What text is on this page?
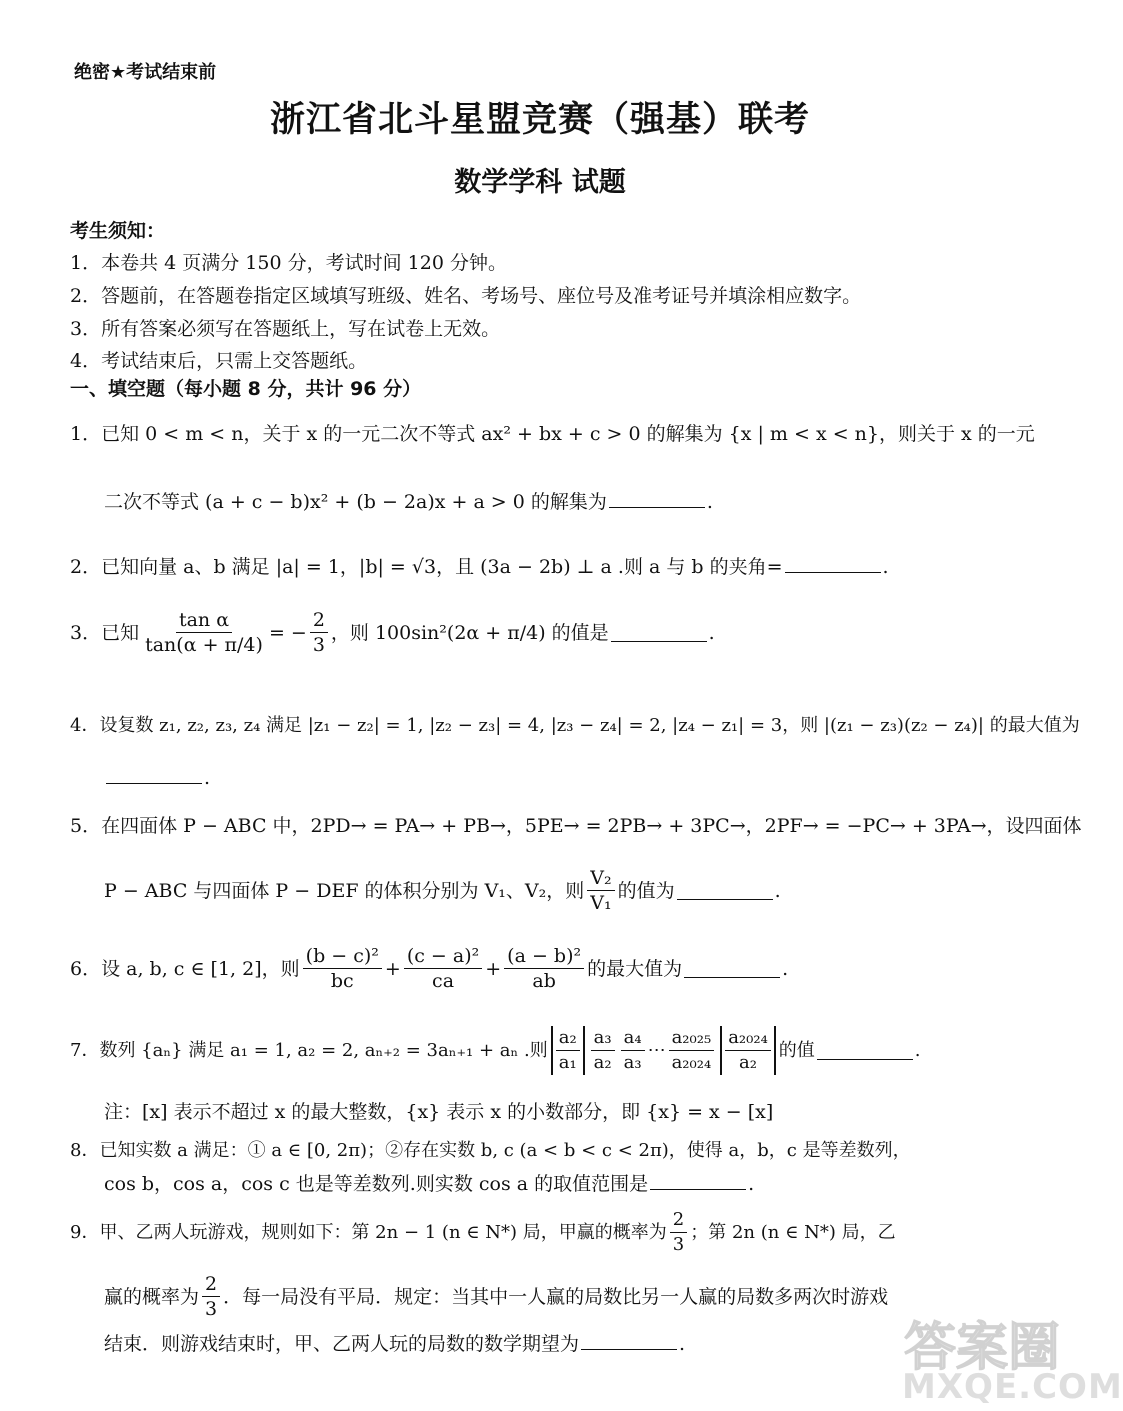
绝密★考试结束前
浙江省北斗星盟竞赛（强基）联考
数学学科 试题
考生须知：
1．本卷共 4 页满分 150 分，考试时间 120 分钟。
2．答题前，在答题卷指定区域填写班级、姓名、考场号、座位号及准考证号并填涂相应数字。
3．所有答案必须写在答题纸上，写在试卷上无效。
4．考试结束后，只需上交答题纸。
一、填空题（每小题 8 分，共计 96 分）
1．已知 0 < m < n，关于 x 的一元二次不等式 ax² + bx + c > 0 的解集为 {x | m < x < n}，则关于 x 的一元
二次不等式 (a + c − b)x² + (b − 2a)x + a > 0 的解集为	.
2．已知向量 a、b 满足 |a| = 1，|b| = √3，且 (3a − 2b) ⊥ a .则 a 与 b 的夹角=	.
3．已知 $\frac{\text{tan α}}{\tan(\alpha + \pi/4)}$ = − $\frac{2}{3}$ ，则 100sin²(2α + π/4) 的值是	.
4．设复数 z₁, z₂, z₃, z₄ 满足 |z₁ − z₂| = 1, |z₂ − z₃| = 4, |z₃ − z₄| = 2, |z₄ − z₁| = 3，则 |(z₁ − z₃)(z₂ − z₄)| 的最大值为
.
5．在四面体 P − ABC 中，2PD→ = PA→ + PB→，5PE→ = 2PB→ + 3PC→，2PF→ = −PC→ + 3PA→，设四面体
P − ABC 与四面体 P − DEF 的体积分别为 V₁、V₂，则 $\frac{\text{V₂}}{\text{V₁}}$ 的值为	.
6．设 a, b, c ∈ [1, 2]，则 $\frac{\text{(b − c)²}}{bc} + \frac{\text{(c − a)²}}{ca} + \frac{\text{(a − b)²}}{ab}$ 的最大值为	.
7．数列 {aₙ} 满足 a₁ = 1, a₂ = 2, aₙ₊₂ = 3aₙ₊₁ + aₙ .则 $\frac{\text{a₂}}{\text{a₁}} \frac{\text{a₃}}{\text{a₂}} \frac{\text{a₄}}{\text{a₃}}$ ⋯ $\frac{\text{a₂₀₂₅}}{\text{a₂₀₂₄}} \frac{\text{a₂₀₂₄}}{\text{a₂}}$ 的值	.
注：[x] 表示不超过 x 的最大整数，{x} 表示 x 的小数部分，即 {x} = x − [x]
8．已知实数 a 满足：① a ∈ [0, 2π)；②存在实数 b, c (a < b < c < 2π)，使得 a，b，c 是等差数列，
cos b，cos a，cos c 也是等差数列.则实数 cos a 的取值范围是	.
9．甲、乙两人玩游戏，规则如下：第 2n − 1 (n ∈ N*) 局，甲赢的概率为 $\frac{2}{3}$ ；第 2n (n ∈ N*) 局，乙
赢的概率为 $\frac{2}{3}$ ．每一局没有平局．规定：当其中一人赢的局数比另一人赢的局数多两次时游戏
结束．则游戏结束时，甲、乙两人玩的局数的数学期望为	.	答案圈
MXQE.COM
